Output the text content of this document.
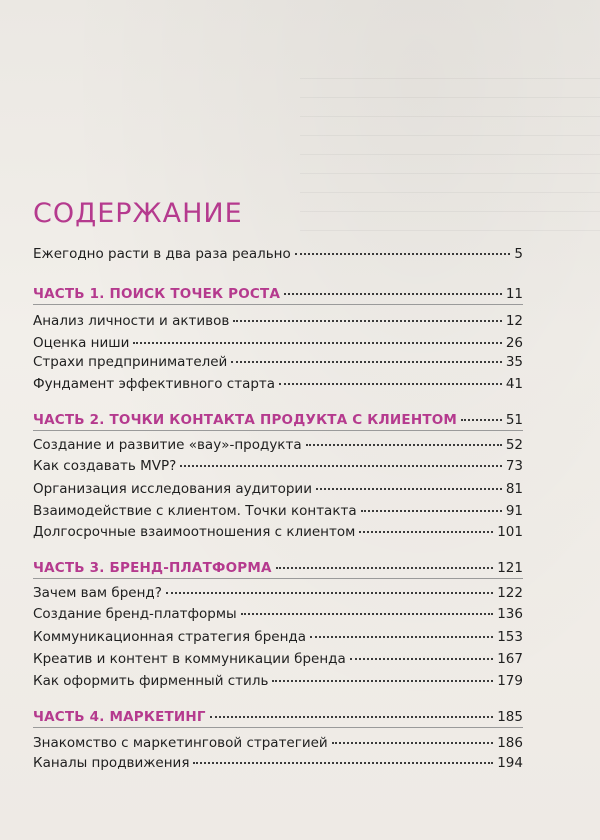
СОДЕРЖАНИЕ
Ежегодно расти в два раза реально	5
ЧАСТЬ 1. ПОИСК ТОЧЕК РОСТА	11
Анализ личности и активов	12
Оценка ниши	26
Страхи предпринимателей	35
Фундамент эффективного старта	41
ЧАСТЬ 2. ТОЧКИ КОНТАКТА ПРОДУКТА С КЛИЕНТОМ	51
Создание и развитие «вау»-продукта	52
Как создавать MVP?	73
Организация исследования аудитории	81
Взаимодействие с клиентом. Точки контакта	91
Долгосрочные взаимоотношения с клиентом	101
ЧАСТЬ 3. БРЕНД-ПЛАТФОРМА	121
Зачем вам бренд?	122
Создание бренд-платформы	136
Коммуникационная стратегия бренда	153
Креатив и контент в коммуникации бренда	167
Как оформить фирменный стиль	179
ЧАСТЬ 4. МАРКЕТИНГ	185
Знакомство с маркетинговой стратегией	186
Каналы продвижения	194
